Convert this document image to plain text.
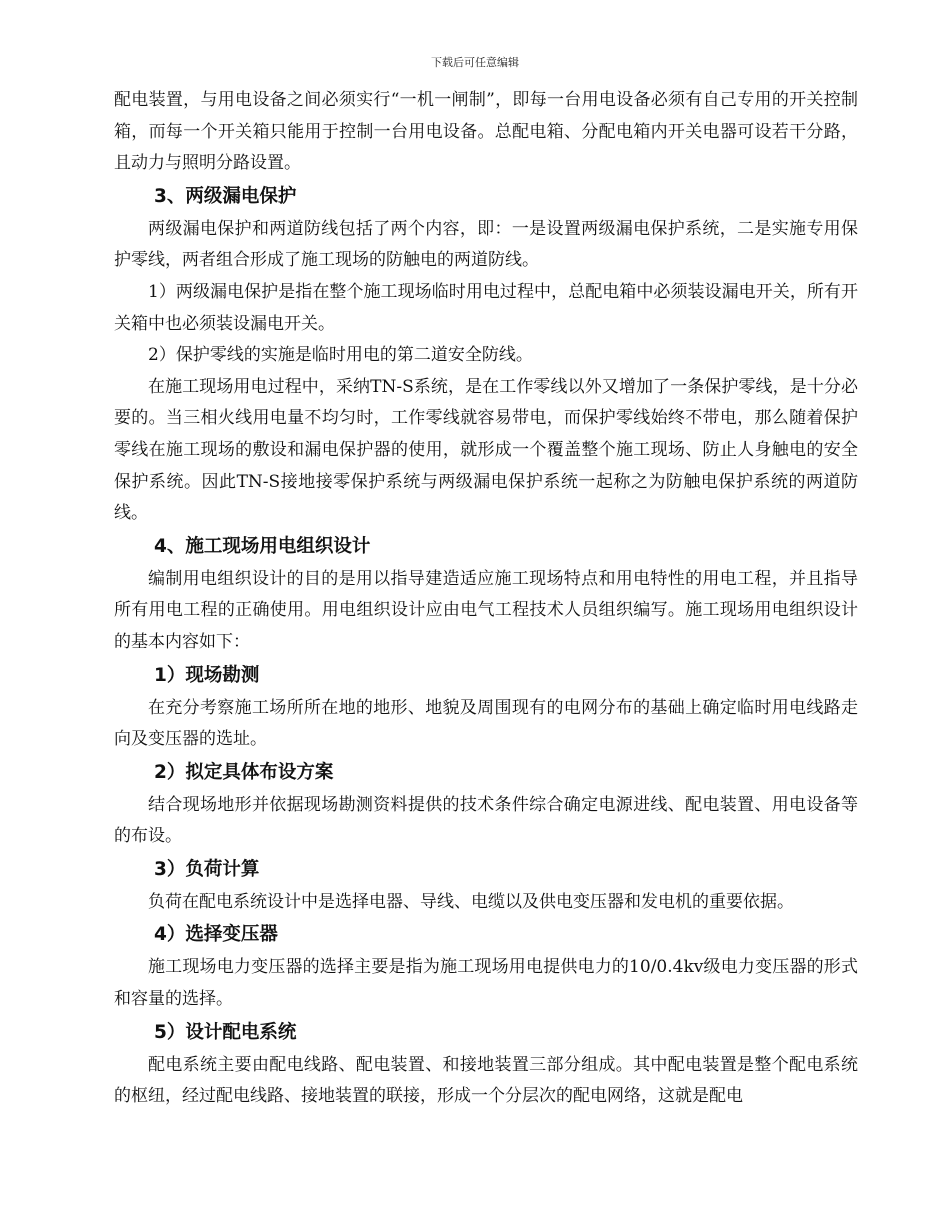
下载后可任意编辑

配电装置，与用电设备之间必须实行“一机一闸制”，即每一台用电设备必须有自己专用的开关控制箱，而每一个开关箱只能用于控制一台用电设备。总配电箱、分配电箱内开关电器可设若干分路，且动力与照明分路设置。

3、两级漏电保护

两级漏电保护和两道防线包括了两个内容，即：一是设置两级漏电保护系统，二是实施专用保护零线，两者组合形成了施工现场的防触电的两道防线。

1）两级漏电保护是指在整个施工现场临时用电过程中，总配电箱中必须装设漏电开关，所有开关箱中也必须装设漏电开关。

2）保护零线的实施是临时用电的第二道安全防线。

在施工现场用电过程中，采纳TN-S系统，是在工作零线以外又增加了一条保护零线，是十分必要的。当三相火线用电量不均匀时，工作零线就容易带电，而保护零线始终不带电，那么随着保护零线在施工现场的敷设和漏电保护器的使用，就形成一个覆盖整个施工现场、防止人身触电的安全保护系统。因此TN-S接地接零保护系统与两级漏电保护系统一起称之为防触电保护系统的两道防线。

4、施工现场用电组织设计

编制用电组织设计的目的是用以指导建造适应施工现场特点和用电特性的用电工程，并且指导所有用电工程的正确使用。用电组织设计应由电气工程技术人员组织编写。施工现场用电组织设计的基本内容如下：

1）现场勘测

在充分考察施工场所所在地的地形、地貌及周围现有的电网分布的基础上确定临时用电线路走向及变压器的选址。

2）拟定具体布设方案

结合现场地形并依据现场勘测资料提供的技术条件综合确定电源进线、配电装置、用电设备等的布设。

3）负荷计算

负荷在配电系统设计中是选择电器、导线、电缆以及供电变压器和发电机的重要依据。

4）选择变压器

施工现场电力变压器的选择主要是指为施工现场用电提供电力的10/0.4kv级电力变压器的形式和容量的选择。

5）设计配电系统

配电系统主要由配电线路、配电装置、和接地装置三部分组成。其中配电装置是整个配电系统的枢纽，经过配电线路、接地装置的联接，形成一个分层次的配电网络，这就是配电
